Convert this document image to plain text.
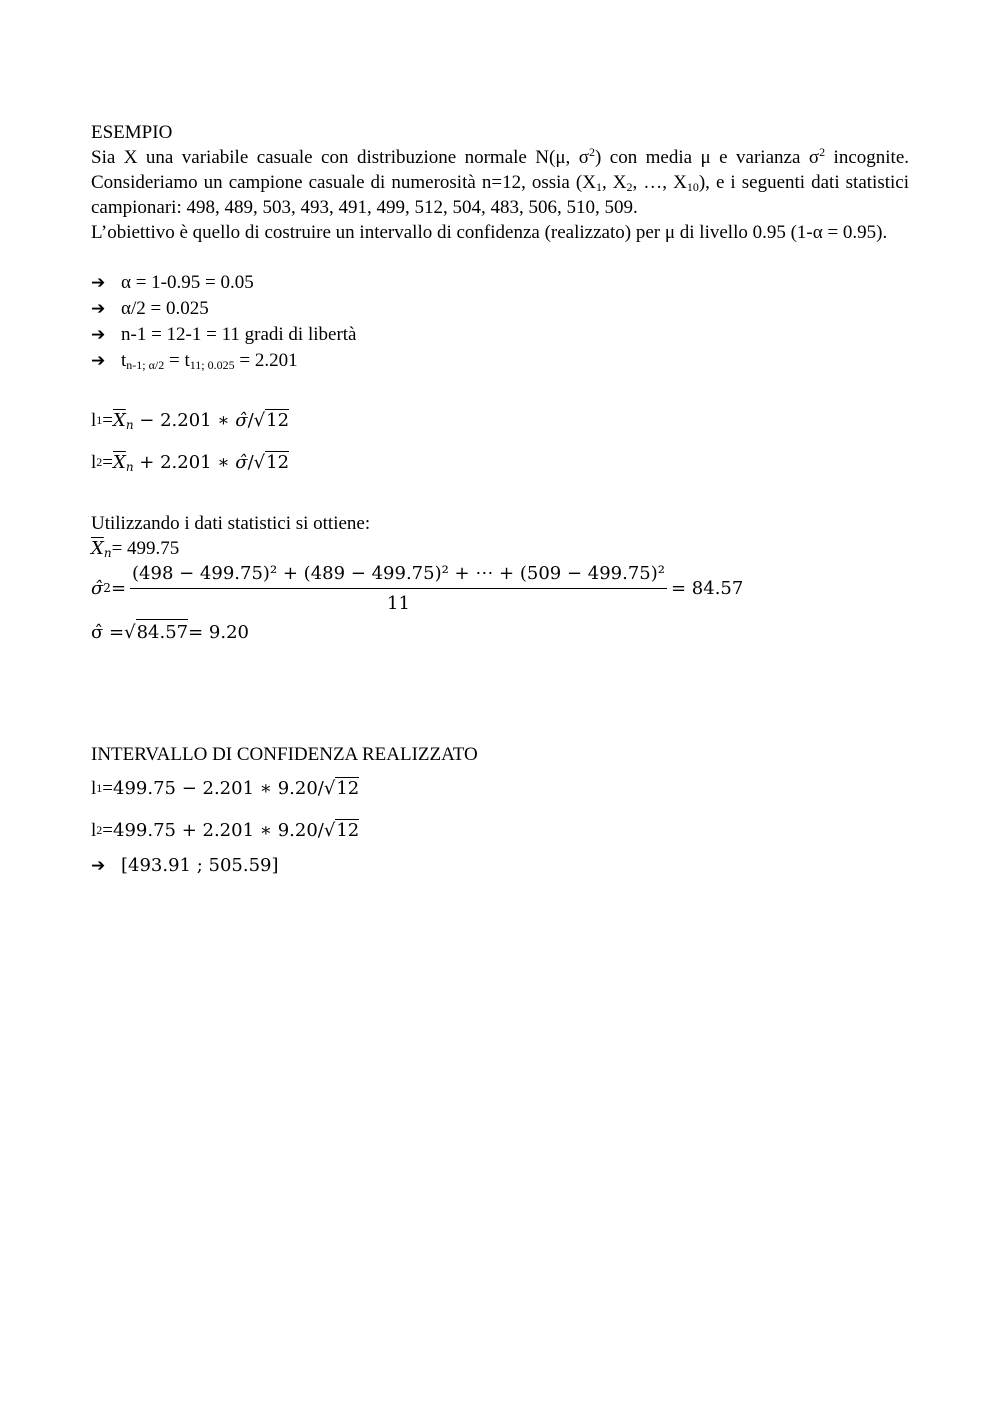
ESEMPIO

Sia X una variabile casuale con distribuzione normale N(μ, $\sigma^2$) con media μ e varianza $\sigma^2$ incognite. Consideriamo un campione casuale di numerosità n=12, ossia ($X_1$, $X_2$, …, $X_{10}$), e i seguenti dati statistici campionari: 498, 489, 503, 493, 491, 499, 512, 504, 483, 506, 510, 509.

L’obiettivo è quello di costruire un intervallo di confidenza (realizzato) per μ di livello 0.95 (1-α = 0.95).

➔ α = 1-0.95 = 0.05
➔ α/2 = 0.025
➔ n-1 = 12-1 = 11 gradi di libertà
➔ $t_{n-1; \alpha/2} = t_{11; 0.025} = 2.201$
l $1 = \overline{X}_n - 2.201$ ∗ σ̂/√12
l $2 = \overline{X}_n + 2.201$ ∗ σ̂/√12
Utilizzando i dati statistici si ottiene:
$\overline{X}_n= 499.75$
σ̂ $2 = \frac{\text{(498 − 499.75)² + (489 − 499.75)² + ⋯ + (509 − 499.75)²}}{11} = 84.57$
σ̂ = √ 84.57 = 9.20
INTERVALLO DI CONFIDENZA REALIZZATO
l 1 = 499.75 − 2.201 ∗ 9.20/√12
l 2 = 499.75 + 2.201 ∗ 9.20/√12
➔ [493.91 ; 505.59]
